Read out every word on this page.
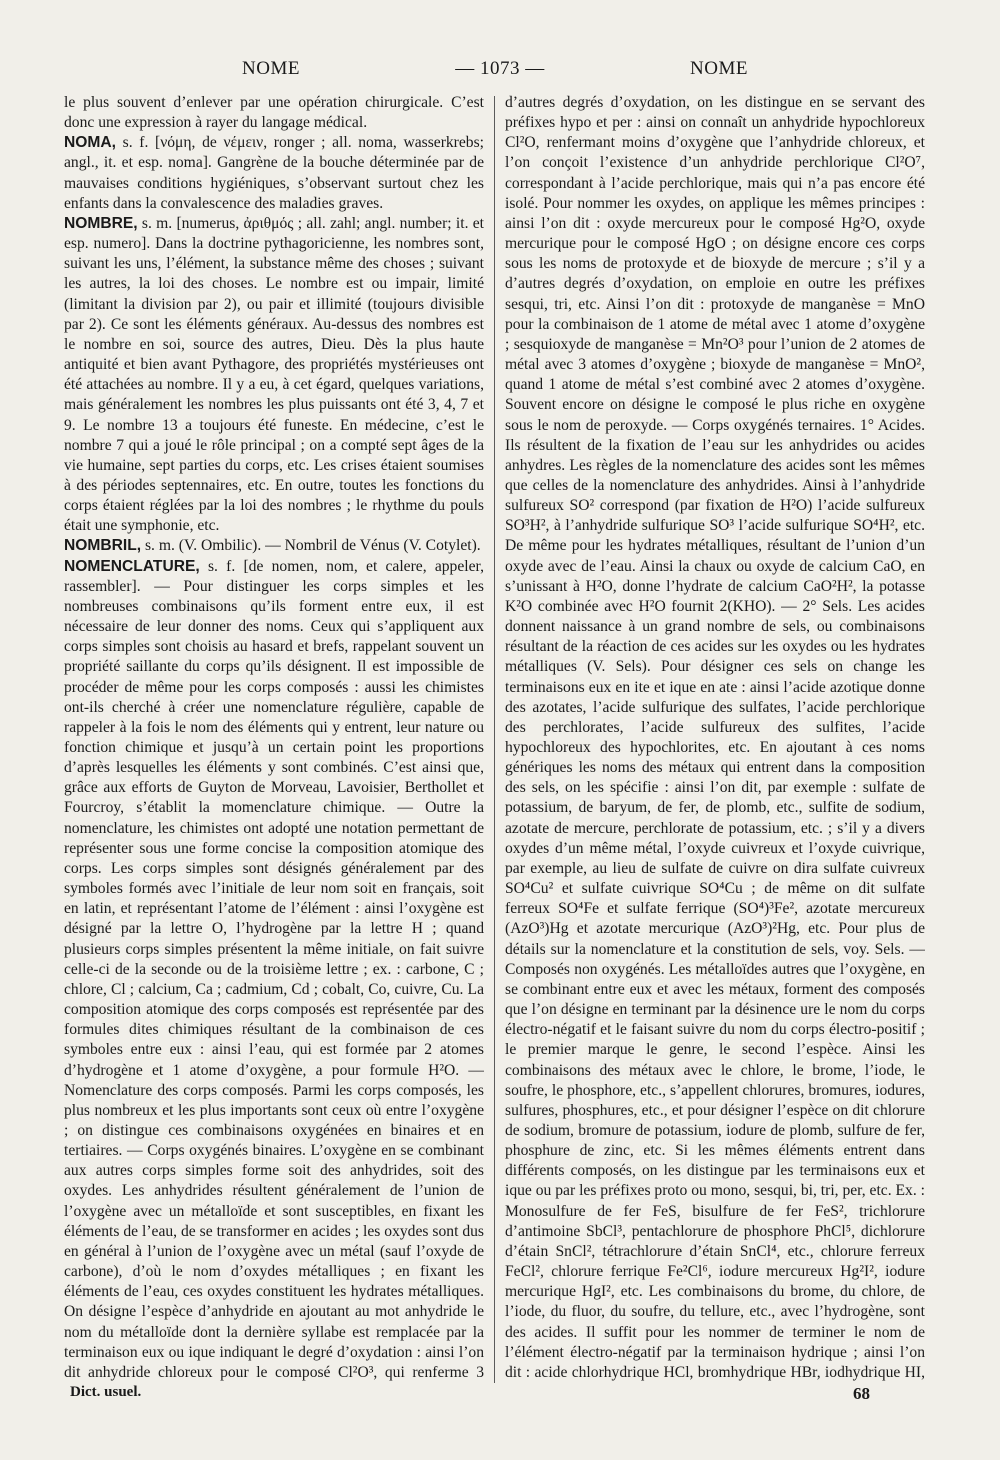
NOME	— 1073 —	NOME

le plus souvent d’enlever par une opération chirurgicale. C’est donc une expression à rayer du langage médical.

NOMA, s. f. [νόμη, de νέμειν, ronger ; all. noma, wasserkrebs; angl., it. et esp. noma]. Gangrène de la bouche déterminée par de mauvaises conditions hygiéniques, s’observant surtout chez les enfants dans la convalescence des maladies graves.

NOMBRE, s. m. [numerus, ἀριθμός ; all. zahl; angl. number; it. et esp. numero]. Dans la doctrine pythagoricienne, les nombres sont, suivant les uns, l’élément, la substance même des choses ; suivant les autres, la loi des choses. Le nombre est ou impair, limité (limitant la division par 2), ou pair et illimité (toujours divisible par 2). Ce sont les éléments généraux. Au-dessus des nombres est le nombre en soi, source des autres, Dieu. Dès la plus haute antiquité et bien avant Pythagore, des propriétés mystérieuses ont été attachées au nombre. Il y a eu, à cet égard, quelques variations, mais généralement les nombres les plus puissants ont été 3, 4, 7 et 9. Le nombre 13 a toujours été funeste. En médecine, c’est le nombre 7 qui a joué le rôle principal ; on a compté sept âges de la vie humaine, sept parties du corps, etc. Les crises étaient soumises à des périodes septennaires, etc. En outre, toutes les fonctions du corps étaient réglées par la loi des nombres ; le rhythme du pouls était une symphonie, etc.

NOMBRIL, s. m. (V. Ombilic). — Nombril de Vénus (V. Cotylet).

NOMENCLATURE, s. f. [de nomen, nom, et calere, appeler, rassembler]. — Pour distinguer les corps simples et les nombreuses combinaisons qu’ils forment entre eux, il est nécessaire de leur donner des noms. Ceux qui s’appliquent aux corps simples sont choisis au hasard et brefs, rappelant souvent un propriété saillante du corps qu’ils désignent. Il est impossible de procéder de même pour les corps composés : aussi les chimistes ont-ils cherché à créer une nomenclature régulière, capable de rappeler à la fois le nom des éléments qui y entrent, leur nature ou fonction chimique et jusqu’à un certain point les proportions d’après lesquelles les éléments y sont combinés. C’est ainsi que, grâce aux efforts de Guyton de Morveau, Lavoisier, Berthollet et Fourcroy, s’établit la momenclature chimique. — Outre la nomenclature, les chimistes ont adopté une notation permettant de représenter sous une forme concise la composition atomique des corps. Les corps simples sont désignés généralement par des symboles formés avec l’initiale de leur nom soit en français, soit en latin, et représentant l’atome de l’élément : ainsi l’oxygène est désigné par la lettre O, l’hydrogène par la lettre H ; quand plusieurs corps simples présentent la même initiale, on fait suivre celle-ci de la seconde ou de la troisième lettre ; ex. : carbone, C ; chlore, Cl ; calcium, Ca ; cadmium, Cd ; cobalt, Co, cuivre, Cu. La composition atomique des corps composés est représentée par des formules dites chimiques résultant de la combinaison de ces symboles entre eux : ainsi l’eau, qui est formée par 2 atomes d’hydrogène et 1 atome d’oxygène, a pour formule H²O. — Nomenclature des corps composés. Parmi les corps composés, les plus nombreux et les plus importants sont ceux où entre l’oxygène ; on distingue ces combinaisons oxygénées en binaires et en tertiaires. — Corps oxygénés binaires. L’oxygène en se combinant aux autres corps simples forme soit des anhydrides, soit des oxydes. Les anhydrides résultent généralement de l’union de l’oxygène avec un métalloïde et sont susceptibles, en fixant les éléments de l’eau, de se transformer en acides ; les oxydes sont dus en général à l’union de l’oxygène avec un métal (sauf l’oxyde de carbone), d’où le nom d’oxydes métalliques ; en fixant les éléments de l’eau, ces oxydes constituent les hydrates métalliques. On désigne l’espèce d’anhydride en ajoutant au mot anhydride le nom du métalloïde dont la dernière syllabe est remplacée par la terminaison eux ou ique indiquant le degré d’oxydation : ainsi l’on dit anhydride chloreux pour le composé Cl²O³, qui renferme 3

d’autres degrés d’oxydation, on les distingue en se servant des préfixes hypo et per : ainsi on connaît un anhydride hypochloreux Cl²O, renfermant moins d’oxygène que l’anhydride chloreux, et l’on conçoit l’existence d’un anhydride perchlorique Cl²O⁷, correspondant à l’acide perchlorique, mais qui n’a pas encore été isolé. Pour nommer les oxydes, on applique les mêmes principes : ainsi l’on dit : oxyde mercureux pour le composé Hg²O, oxyde mercurique pour le composé HgO ; on désigne encore ces corps sous les noms de protoxyde et de bioxyde de mercure ; s’il y a d’autres degrés d’oxydation, on emploie en outre les préfixes sesqui, tri, etc. Ainsi l’on dit : protoxyde de manganèse = MnO pour la combinaison de 1 atome de métal avec 1 atome d’oxygène ; sesquioxyde de manganèse = Mn²O³ pour l’union de 2 atomes de métal avec 3 atomes d’oxygène ; bioxyde de manganèse = MnO², quand 1 atome de métal s’est combiné avec 2 atomes d’oxygène. Souvent encore on désigne le composé le plus riche en oxygène sous le nom de peroxyde. — Corps oxygénés ternaires. 1° Acides. Ils résultent de la fixation de l’eau sur les anhydrides ou acides anhydres. Les règles de la nomenclature des acides sont les mêmes que celles de la nomenclature des anhydrides. Ainsi à l’anhydride sulfureux SO² correspond (par fixation de H²O) l’acide sulfureux SO³H², à l’anhydride sulfurique SO³ l’acide sulfurique SO⁴H², etc. De même pour les hydrates métalliques, résultant de l’union d’un oxyde avec de l’eau. Ainsi la chaux ou oxyde de calcium CaO, en s’unissant à H²O, donne l’hydrate de calcium CaO²H², la potasse K²O combinée avec H²O fournit 2(KHO). — 2° Sels. Les acides donnent naissance à un grand nombre de sels, ou combinaisons résultant de la réaction de ces acides sur les oxydes ou les hydrates métalliques (V. Sels). Pour désigner ces sels on change les terminaisons eux en ite et ique en ate : ainsi l’acide azotique donne des azotates, l’acide sulfurique des sulfates, l’acide perchlorique des perchlorates, l’acide sulfureux des sulfites, l’acide hypochloreux des hypochlorites, etc. En ajoutant à ces noms génériques les noms des métaux qui entrent dans la composition des sels, on les spécifie : ainsi l’on dit, par exemple : sulfate de potassium, de baryum, de fer, de plomb, etc., sulfite de sodium, azotate de mercure, perchlorate de potassium, etc. ; s’il y a divers oxydes d’un même métal, l’oxyde cuivreux et l’oxyde cuivrique, par exemple, au lieu de sulfate de cuivre on dira sulfate cuivreux SO⁴Cu² et sulfate cuivrique SO⁴Cu ; de même on dit sulfate ferreux SO⁴Fe et sulfate ferrique (SO⁴)³Fe², azotate mercureux (AzO³)Hg et azotate mercurique (AzO³)²Hg, etc. Pour plus de détails sur la nomenclature et la constitution de sels, voy. Sels. — Composés non oxygénés. Les métalloïdes autres que l’oxygène, en se combinant entre eux et avec les métaux, forment des composés que l’on désigne en terminant par la désinence ure le nom du corps électro-négatif et le faisant suivre du nom du corps électro-positif ; le premier marque le genre, le second l’espèce. Ainsi les combinaisons des métaux avec le chlore, le brome, l’iode, le soufre, le phosphore, etc., s’appellent chlorures, bromures, iodures, sulfures, phosphures, etc., et pour désigner l’espèce on dit chlorure de sodium, bromure de potassium, iodure de plomb, sulfure de fer, phosphure de zinc, etc. Si les mêmes éléments entrent dans différents composés, on les distingue par les terminaisons eux et ique ou par les préfixes proto ou mono, sesqui, bi, tri, per, etc. Ex. : Monosulfure de fer FeS, bisulfure de fer FeS², trichlorure d’antimoine SbCl³, pentachlorure de phosphore PhCl⁵, dichlorure d’étain SnCl², tétrachlorure d’étain SnCl⁴, etc., chlorure ferreux FeCl², chlorure ferrique Fe²Cl⁶, iodure mercureux Hg²I², iodure mercurique HgI², etc. Les combinaisons du brome, du chlore, de l’iode, du fluor, du soufre, du tellure, etc., avec l’hydrogène, sont des acides. Il suffit pour les nommer de terminer le nom de l’élément électro-négatif par la terminaison hydrique ; ainsi l’on dit : acide chlorhydrique HCl, bromhydrique HBr, iodhydrique HI,

Dict. usuel.	68
